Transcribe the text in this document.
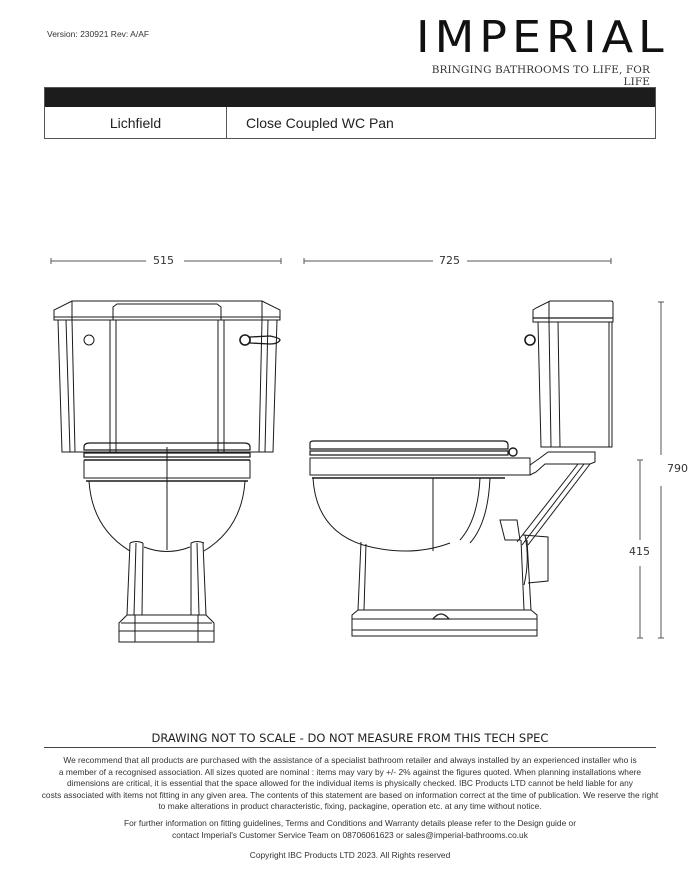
Version: 230921 Rev: A/AF	IMPERIAL
BRINGING BATHROOMS TO LIFE, FOR LIFE
Lichfield	Close Coupled WC Pan
515	725
790
415
DRAWING NOT TO SCALE - DO NOT MEASURE FROM THIS TECH SPEC
We recommend that all products are purchased with the assistance of a specialist bathroom retailer and always installed by an experienced installer who is
a member of a recognised association. All sizes quoted are nominal : items may vary by +/- 2% against the figures quoted. When planning installations where
dimensions are critical, it is essential that the space allowed for the individual items is physically checked. IBC Products LTD cannot be held liable for any
costs associated with items not fitting in any given area. The contents of this statement are based on information correct at the time of publication. We reserve the right
to make alterations in product characteristic, fixing, packagine, operation etc. at any time without notice.
For further information on fitting guidelines, Terms and Conditions and Warranty details please refer to the Design guide or
contact Imperial's Customer Service Team on 08706061623 or sales@imperial-bathrooms.co.uk
Copyright IBC Products LTD 2023. All Rights reserved
